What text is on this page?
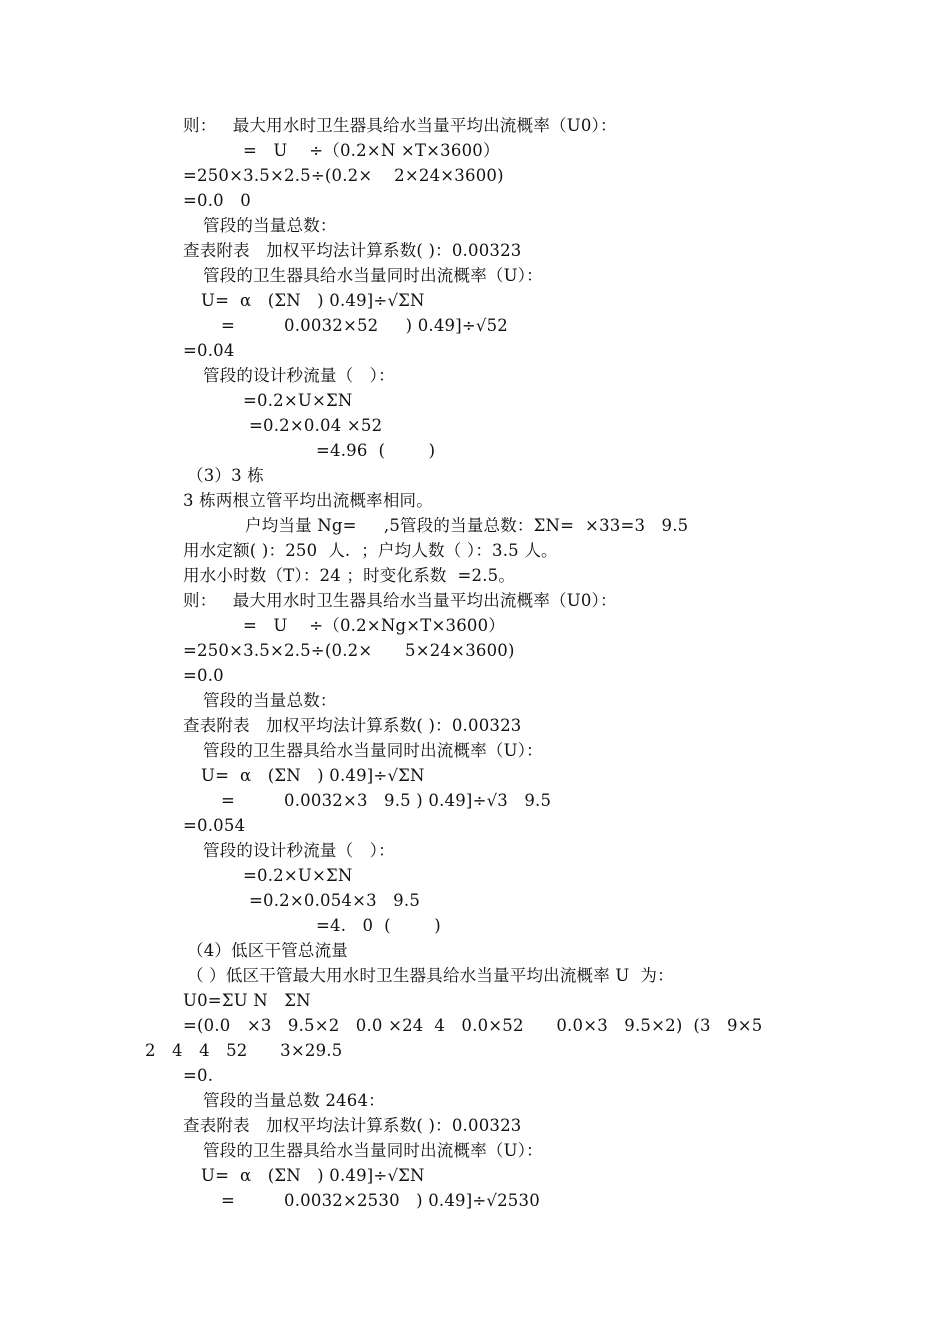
则：   最大用水时卫生器具给水当量平均出流概率（U0）：
=   U    ÷（0.2×N ×T×3600）
=250×3.5×2.5÷(0.2×    2×24×3600)
=0.0   0
管段的当量总数：
查表附表   加权平均法计算系数( )：0.00323
管段的卫生器具给水当量同时出流概率（U）：
U=  α   (ΣN   ) 0.49]÷√ΣN
=         0.0032×52     ) 0.49]÷√52
=0.04
管段的设计秒流量（   ）：
=0.2×U×ΣN
=0.2×0.04 ×52
=4.96  (        )
（3）3 栋
3 栋两根立管平均出流概率相同。
户均当量 Ng=     ,5管段的当量总数：ΣN=  ×33=3   9.5
用水定额( )：250  人.  ；户均人数（ ）：3.5 人。
用水小时数（T）：24 ；时变化系数  =2.5。
则：   最大用水时卫生器具给水当量平均出流概率（U0）：
=   U    ÷（0.2×Ng×T×3600）
=250×3.5×2.5÷(0.2×      5×24×3600)
=0.0
管段的当量总数：
查表附表   加权平均法计算系数( )：0.00323
管段的卫生器具给水当量同时出流概率（U）：
U=  α   (ΣN   ) 0.49]÷√ΣN
=         0.0032×3   9.5 ) 0.49]÷√3   9.5
=0.054
管段的设计秒流量（   ）：
=0.2×U×ΣN
=0.2×0.054×3   9.5
=4.   0  (        )
（4）低区干管总流量
（ ）低区干管最大用水时卫生器具给水当量平均出流概率 U  为：
U0=ΣU N   ΣN
=(0.0   ×3   9.5×2   0.0 ×24  4   0.0×52      0.0×3   9.5×2)  (3   9×5
2   4   4   52      3×29.5
=0.
管段的当量总数 2464：
查表附表   加权平均法计算系数( )：0.00323
管段的卫生器具给水当量同时出流概率（U）：
U=  α   (ΣN   ) 0.49]÷√ΣN
=         0.0032×2530   ) 0.49]÷√2530
